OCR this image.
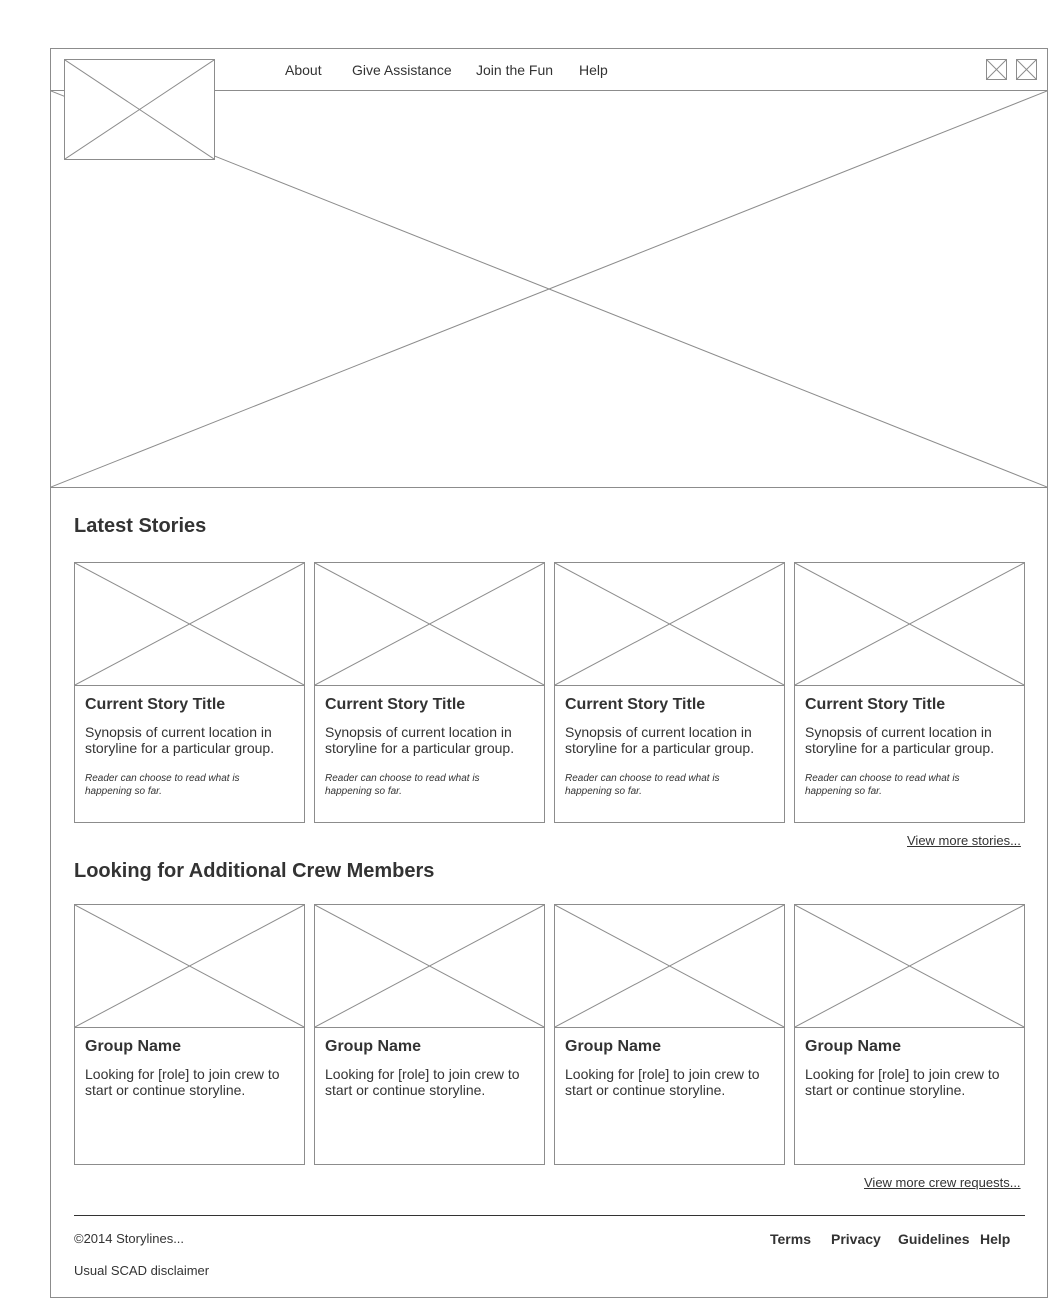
About Give Assistance Join the Fun Help
Latest Stories
Current Story Title
Synopsis of current location in storyline for a particular group.
Reader can choose to read what is happening so far.
Current Story Title
Synopsis of current location in storyline for a particular group.
Reader can choose to read what is happening so far.
Current Story Title
Synopsis of current location in storyline for a particular group.
Reader can choose to read what is happening so far.
Current Story Title
Synopsis of current location in storyline for a particular group.
Reader can choose to read what is happening so far.
View more stories...
Looking for Additional Crew Members
Group Name
Looking for [role] to join crew to start or continue storyline.
Group Name
Looking for [role] to join crew to start or continue storyline.
Group Name
Looking for [role] to join crew to start or continue storyline.
Group Name
Looking for [role] to join crew to start or continue storyline.
View more crew requests...
©2014 Storylines...
Usual SCAD disclaimer
Terms Privacy Guidelines Help
